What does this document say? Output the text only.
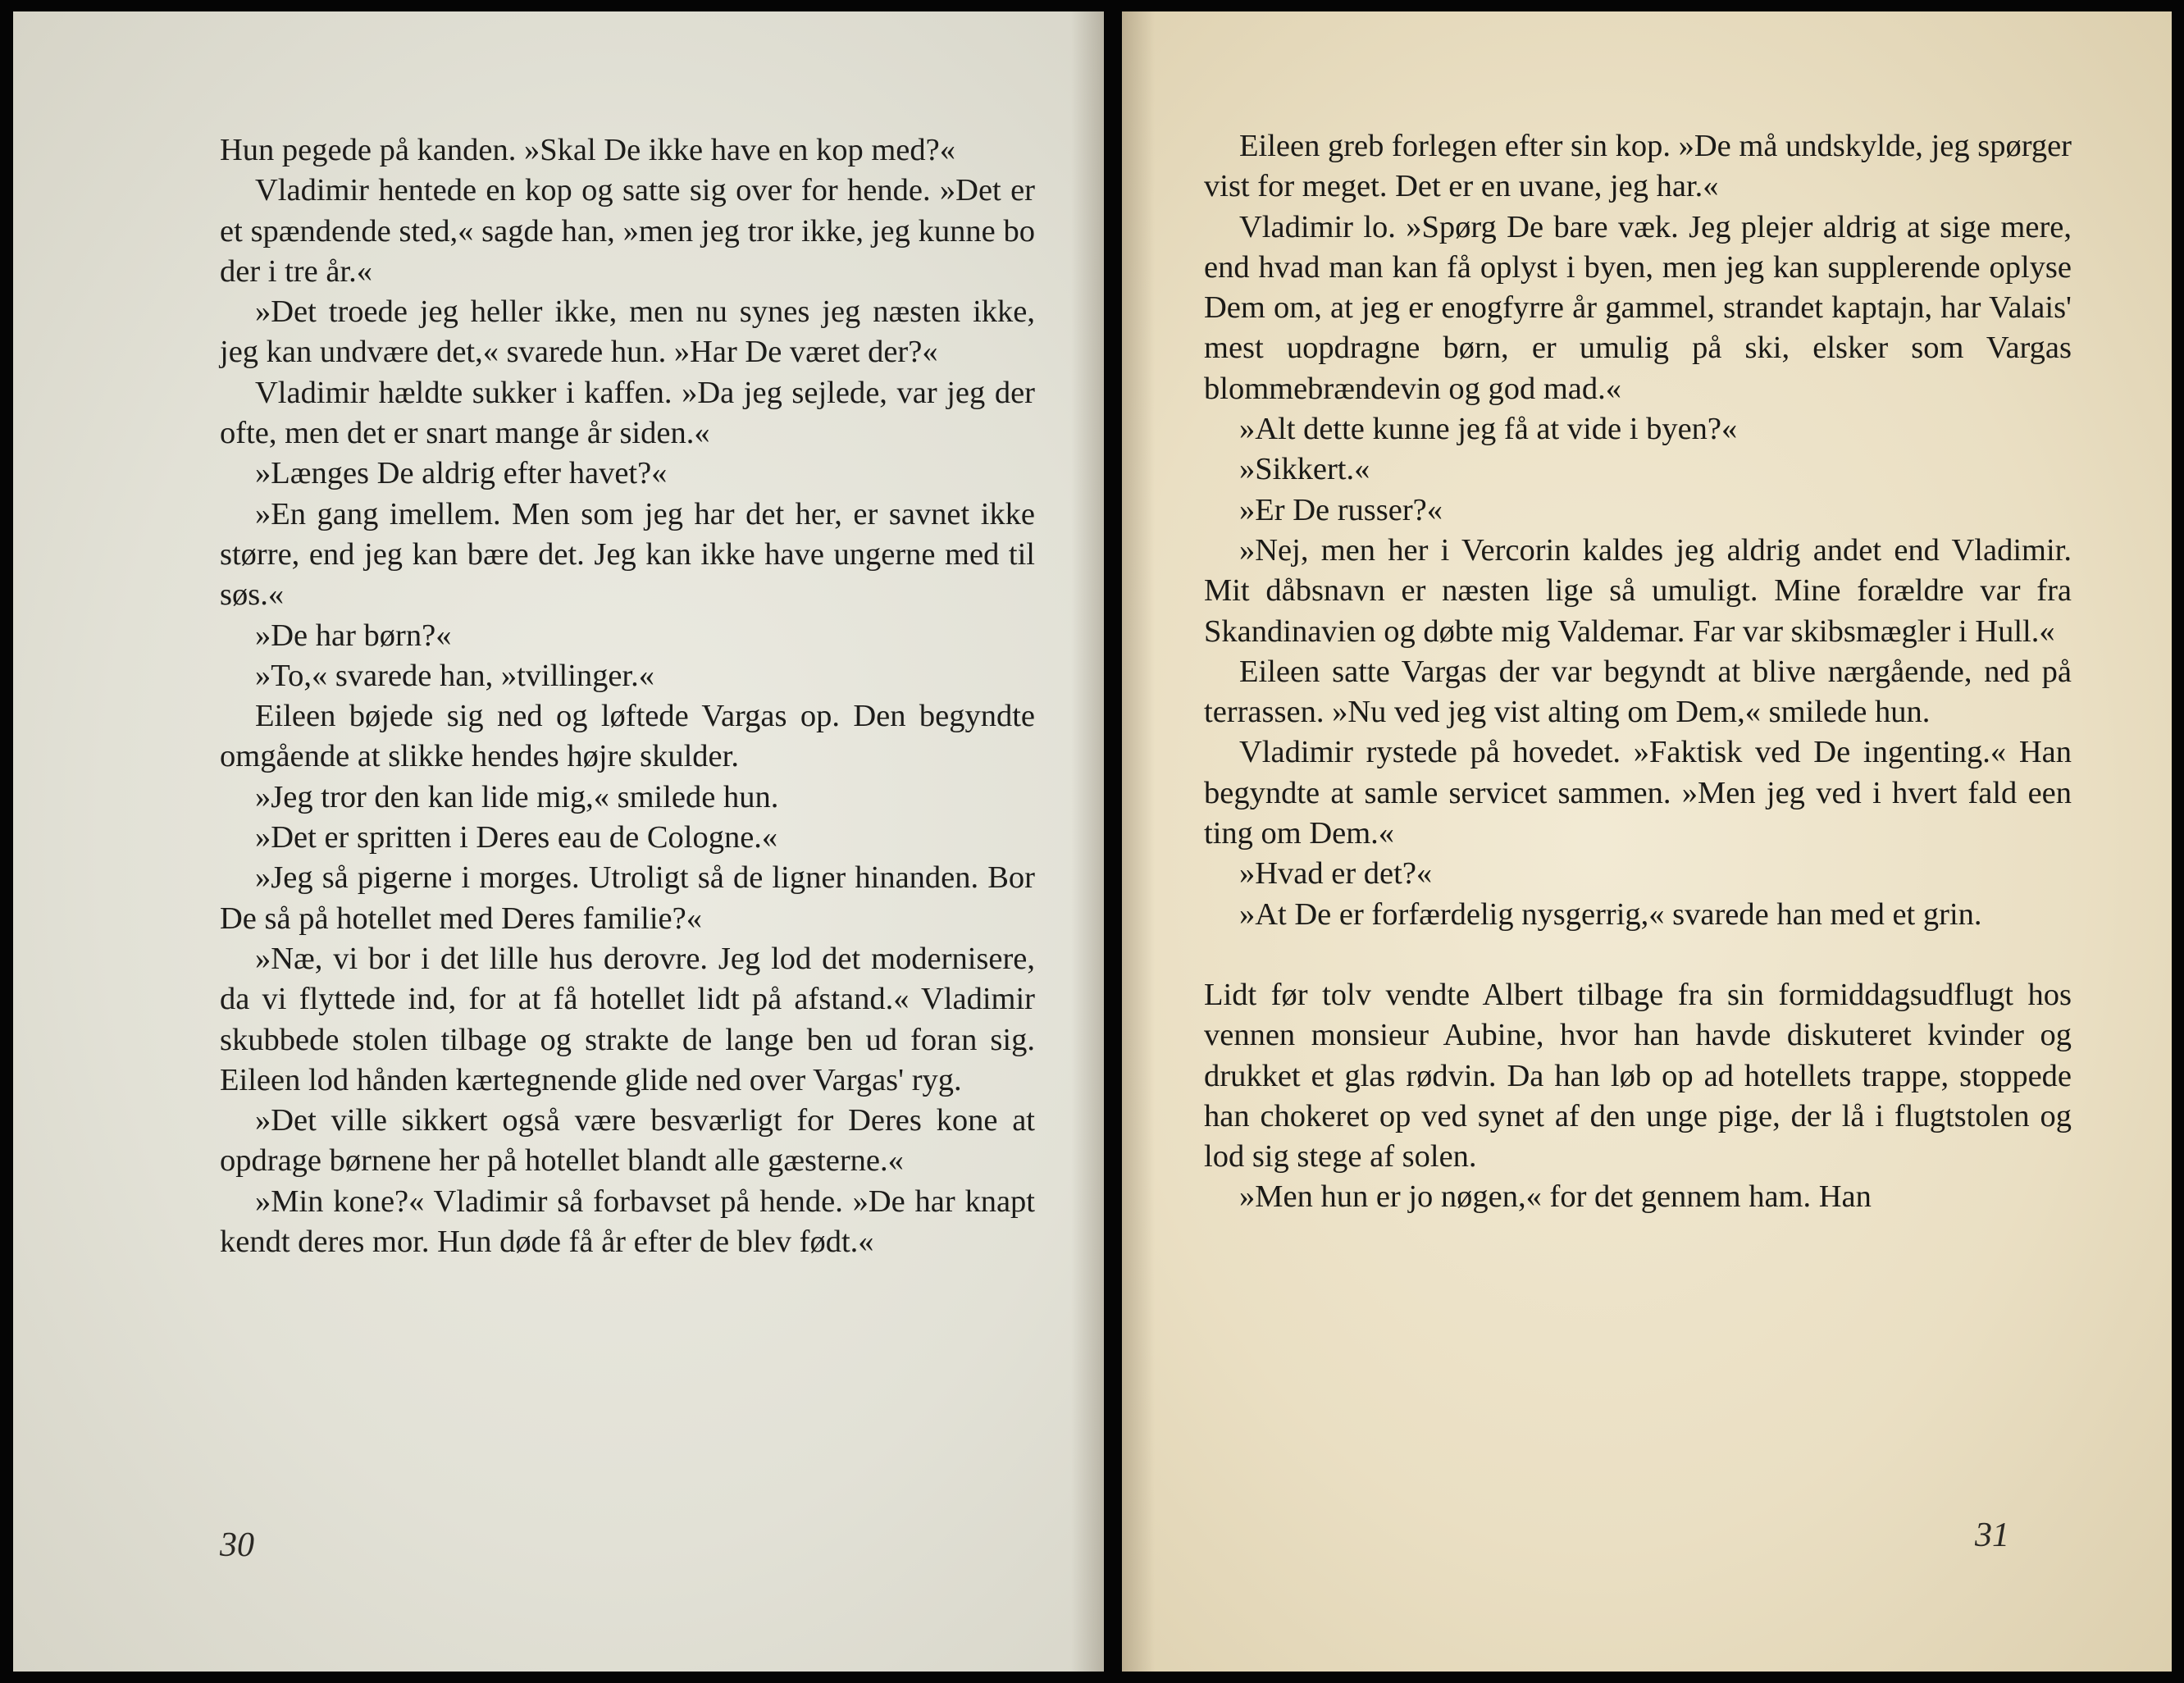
Hun pegede på kanden. »Skal De ikke have en kop med?«

Vladimir hentede en kop og satte sig over for hende. »Det er et spændende sted,« sagde han, »men jeg tror ikke, jeg kunne bo der i tre år.«

»Det troede jeg heller ikke, men nu synes jeg næsten ikke, jeg kan undvære det,« svarede hun. »Har De været der?«

Vladimir hældte sukker i kaffen. »Da jeg sejlede, var jeg der ofte, men det er snart mange år siden.«

»Længes De aldrig efter havet?«

»En gang imellem. Men som jeg har det her, er savnet ikke større, end jeg kan bære det. Jeg kan ikke have ungerne med til søs.«

»De har børn?«

»To,« svarede han, »tvillinger.«

Eileen bøjede sig ned og løftede Vargas op. Den begyndte omgående at slikke hendes højre skulder.

»Jeg tror den kan lide mig,« smilede hun.

»Det er spritten i Deres eau de Cologne.«

»Jeg så pigerne i morges. Utroligt så de ligner hinanden. Bor De så på hotellet med Deres familie?«

»Næ, vi bor i det lille hus derovre. Jeg lod det modernisere, da vi flyttede ind, for at få hotellet lidt på afstand.« Vladimir skubbede stolen tilbage og strakte de lange ben ud foran sig. Eileen lod hånden kærtegnende glide ned over Vargas' ryg.

»Det ville sikkert også være besværligt for Deres kone at opdrage børnene her på hotellet blandt alle gæsterne.«

»Min kone?« Vladimir så forbavset på hende. »De har knapt kendt deres mor. Hun døde få år efter de blev født.«

30

Eileen greb forlegen efter sin kop. »De må undskylde, jeg spørger vist for meget. Det er en uvane, jeg har.«

Vladimir lo. »Spørg De bare væk. Jeg plejer aldrig at sige mere, end hvad man kan få oplyst i byen, men jeg kan supplerende oplyse Dem om, at jeg er enogfyrre år gammel, strandet kaptajn, har Valais' mest uopdragne børn, er umulig på ski, elsker som Vargas blommebrændevin og god mad.«

»Alt dette kunne jeg få at vide i byen?«

»Sikkert.«

»Er De russer?«

»Nej, men her i Vercorin kaldes jeg aldrig andet end Vladimir. Mit dåbsnavn er næsten lige så umuligt. Mine forældre var fra Skandinavien og døbte mig Valdemar. Far var skibsmægler i Hull.«

Eileen satte Vargas der var begyndt at blive nærgående, ned på terrassen. »Nu ved jeg vist alting om Dem,« smilede hun.

Vladimir rystede på hovedet. »Faktisk ved De ingenting.« Han begyndte at samle servicet sammen. »Men jeg ved i hvert fald een ting om Dem.«

»Hvad er det?«

»At De er forfærdelig nysgerrig,« svarede han med et grin.

Lidt før tolv vendte Albert tilbage fra sin formiddagsudflugt hos vennen monsieur Aubine, hvor han havde diskuteret kvinder og drukket et glas rødvin. Da han løb op ad hotellets trappe, stoppede han chokeret op ved synet af den unge pige, der lå i flugtstolen og lod sig stege af solen.

»Men hun er jo nøgen,« for det gennem ham. Han

31
